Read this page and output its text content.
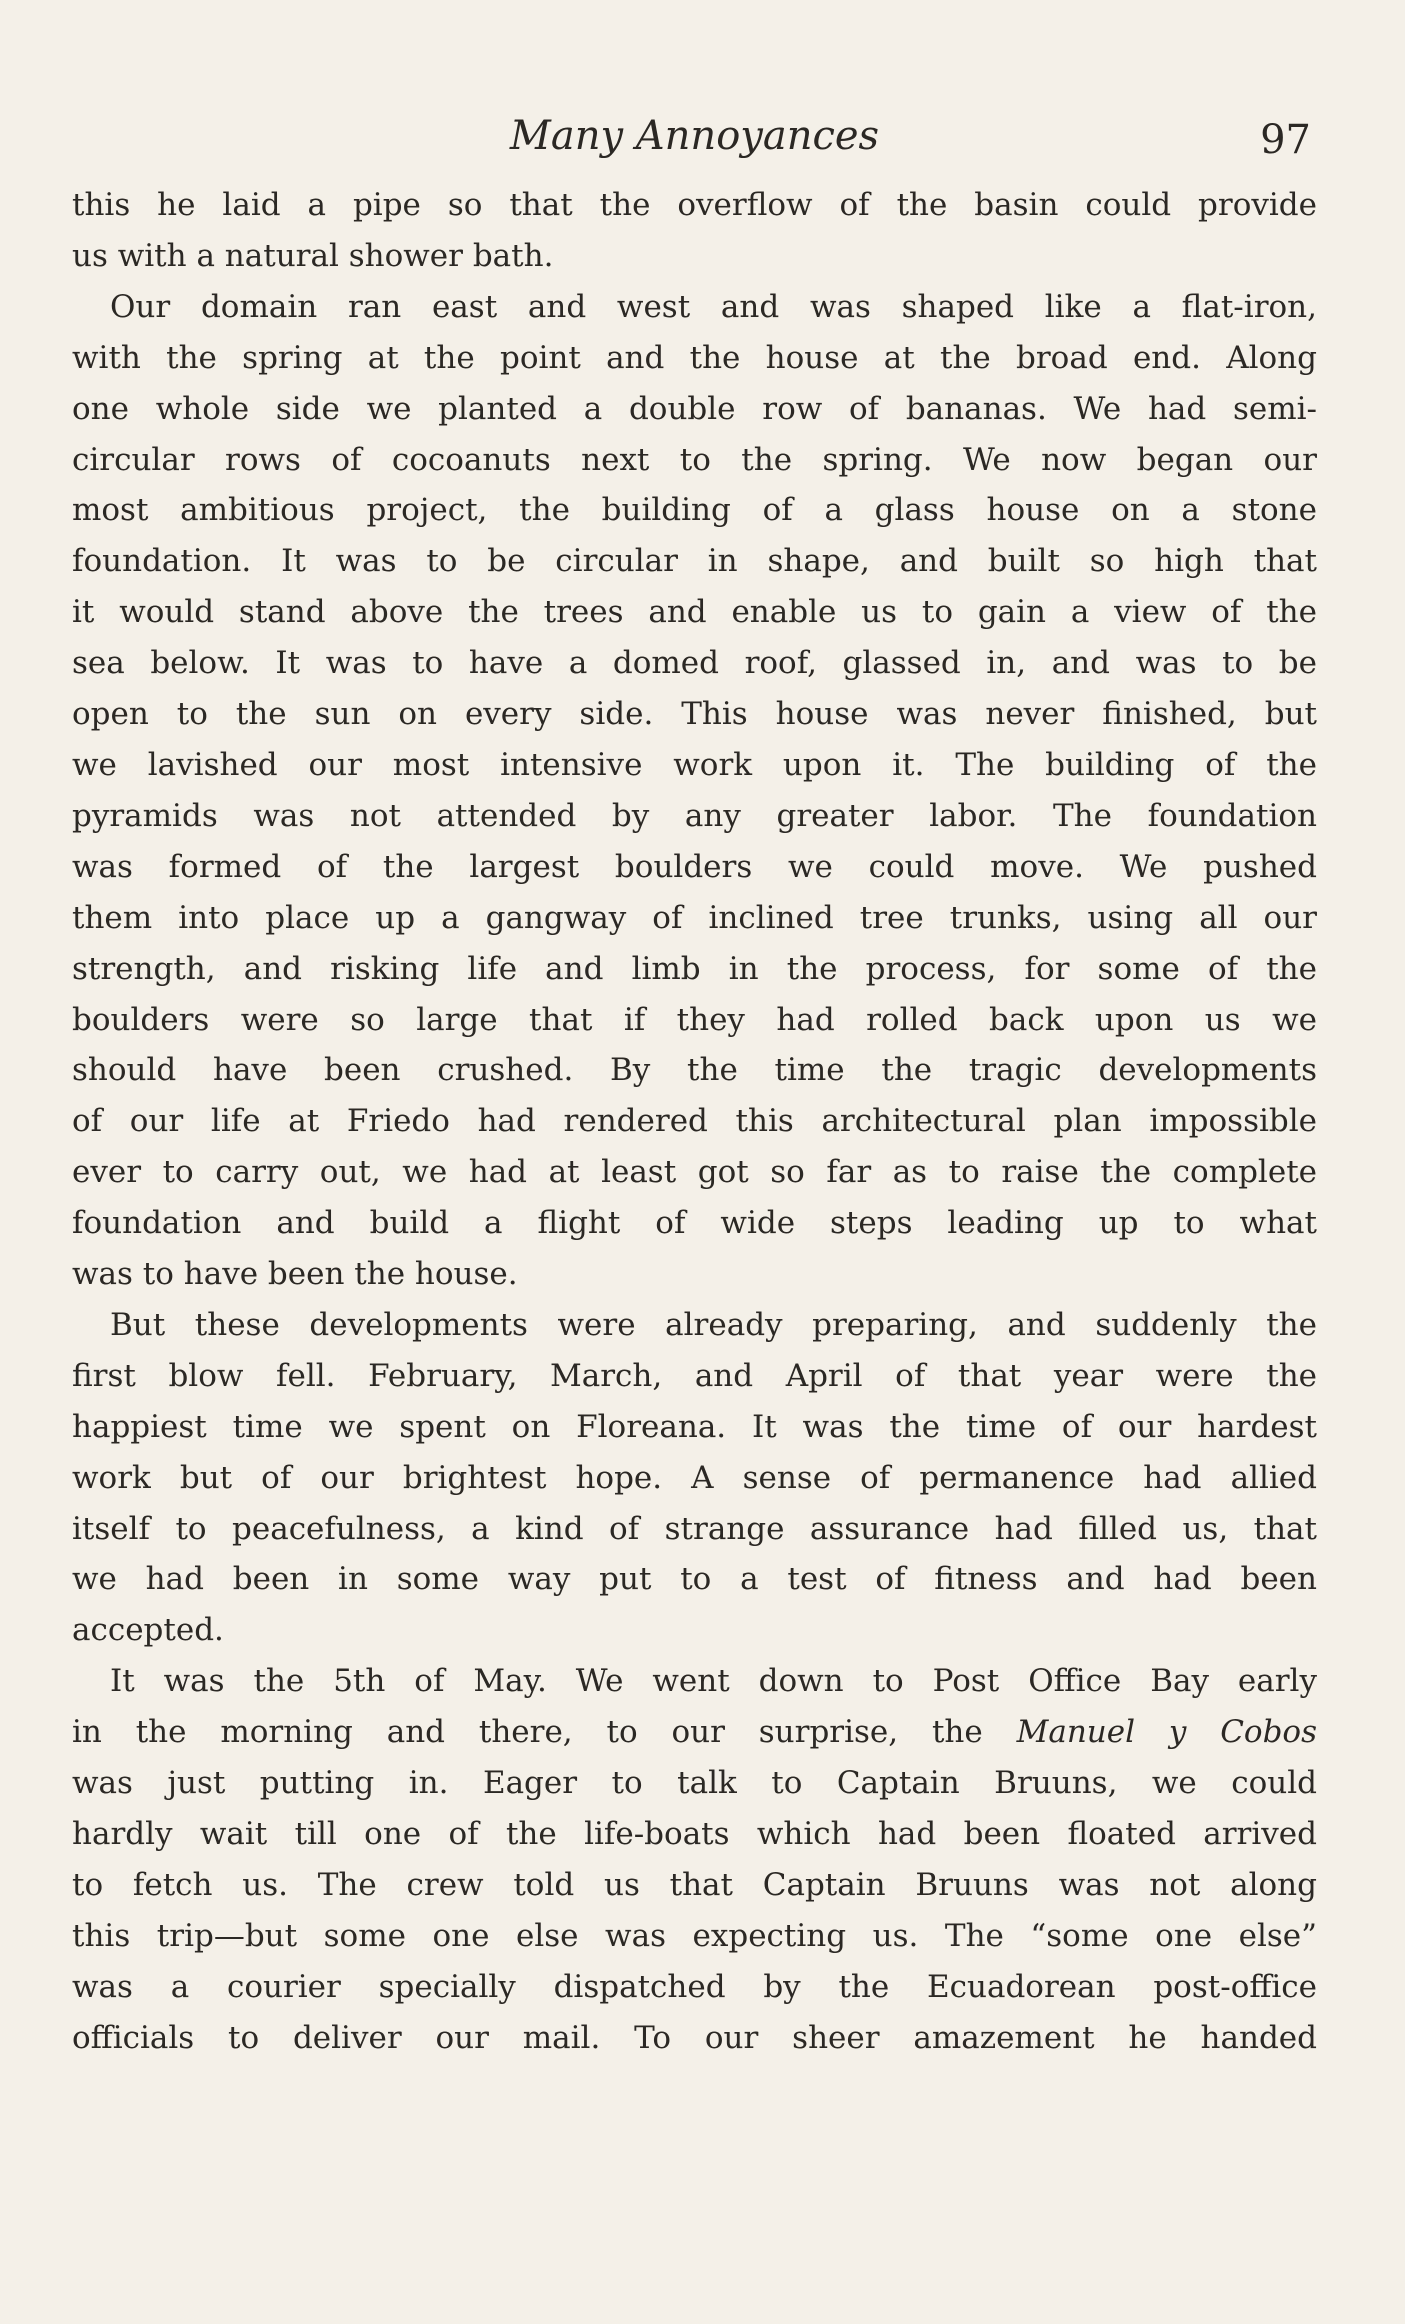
Many Annoyances	97
this he laid a pipe so that the overflow of the basin could provide
us with a natural shower bath.
Our domain ran east and west and was shaped like a flat-iron,
with the spring at the point and the house at the broad end. Along
one whole side we planted a double row of bananas. We had semi-
circular rows of cocoanuts next to the spring. We now began our
most ambitious project, the building of a glass house on a stone
foundation. It was to be circular in shape, and built so high that
it would stand above the trees and enable us to gain a view of the
sea below. It was to have a domed roof, glassed in, and was to be
open to the sun on every side. This house was never finished, but
we lavished our most intensive work upon it. The building of the
pyramids was not attended by any greater labor. The foundation
was formed of the largest boulders we could move. We pushed
them into place up a gangway of inclined tree trunks, using all our
strength, and risking life and limb in the process, for some of the
boulders were so large that if they had rolled back upon us we
should have been crushed. By the time the tragic developments
of our life at Friedo had rendered this architectural plan impossible
ever to carry out, we had at least got so far as to raise the complete
foundation and build a flight of wide steps leading up to what
was to have been the house.
But these developments were already preparing, and suddenly the
first blow fell. February, March, and April of that year were the
happiest time we spent on Floreana. It was the time of our hardest
work but of our brightest hope. A sense of permanence had allied
itself to peacefulness, a kind of strange assurance had filled us, that
we had been in some way put to a test of fitness and had been
accepted.
It was the 5th of May. We went down to Post Office Bay early
in the morning and there, to our surprise, the Manuel y Cobos
was just putting in. Eager to talk to Captain Bruuns, we could
hardly wait till one of the life-boats which had been floated arrived
to fetch us. The crew told us that Captain Bruuns was not along
this trip—but some one else was expecting us. The “some one else”
was a courier specially dispatched by the Ecuadorean post-office
officials to deliver our mail. To our sheer amazement he handed
